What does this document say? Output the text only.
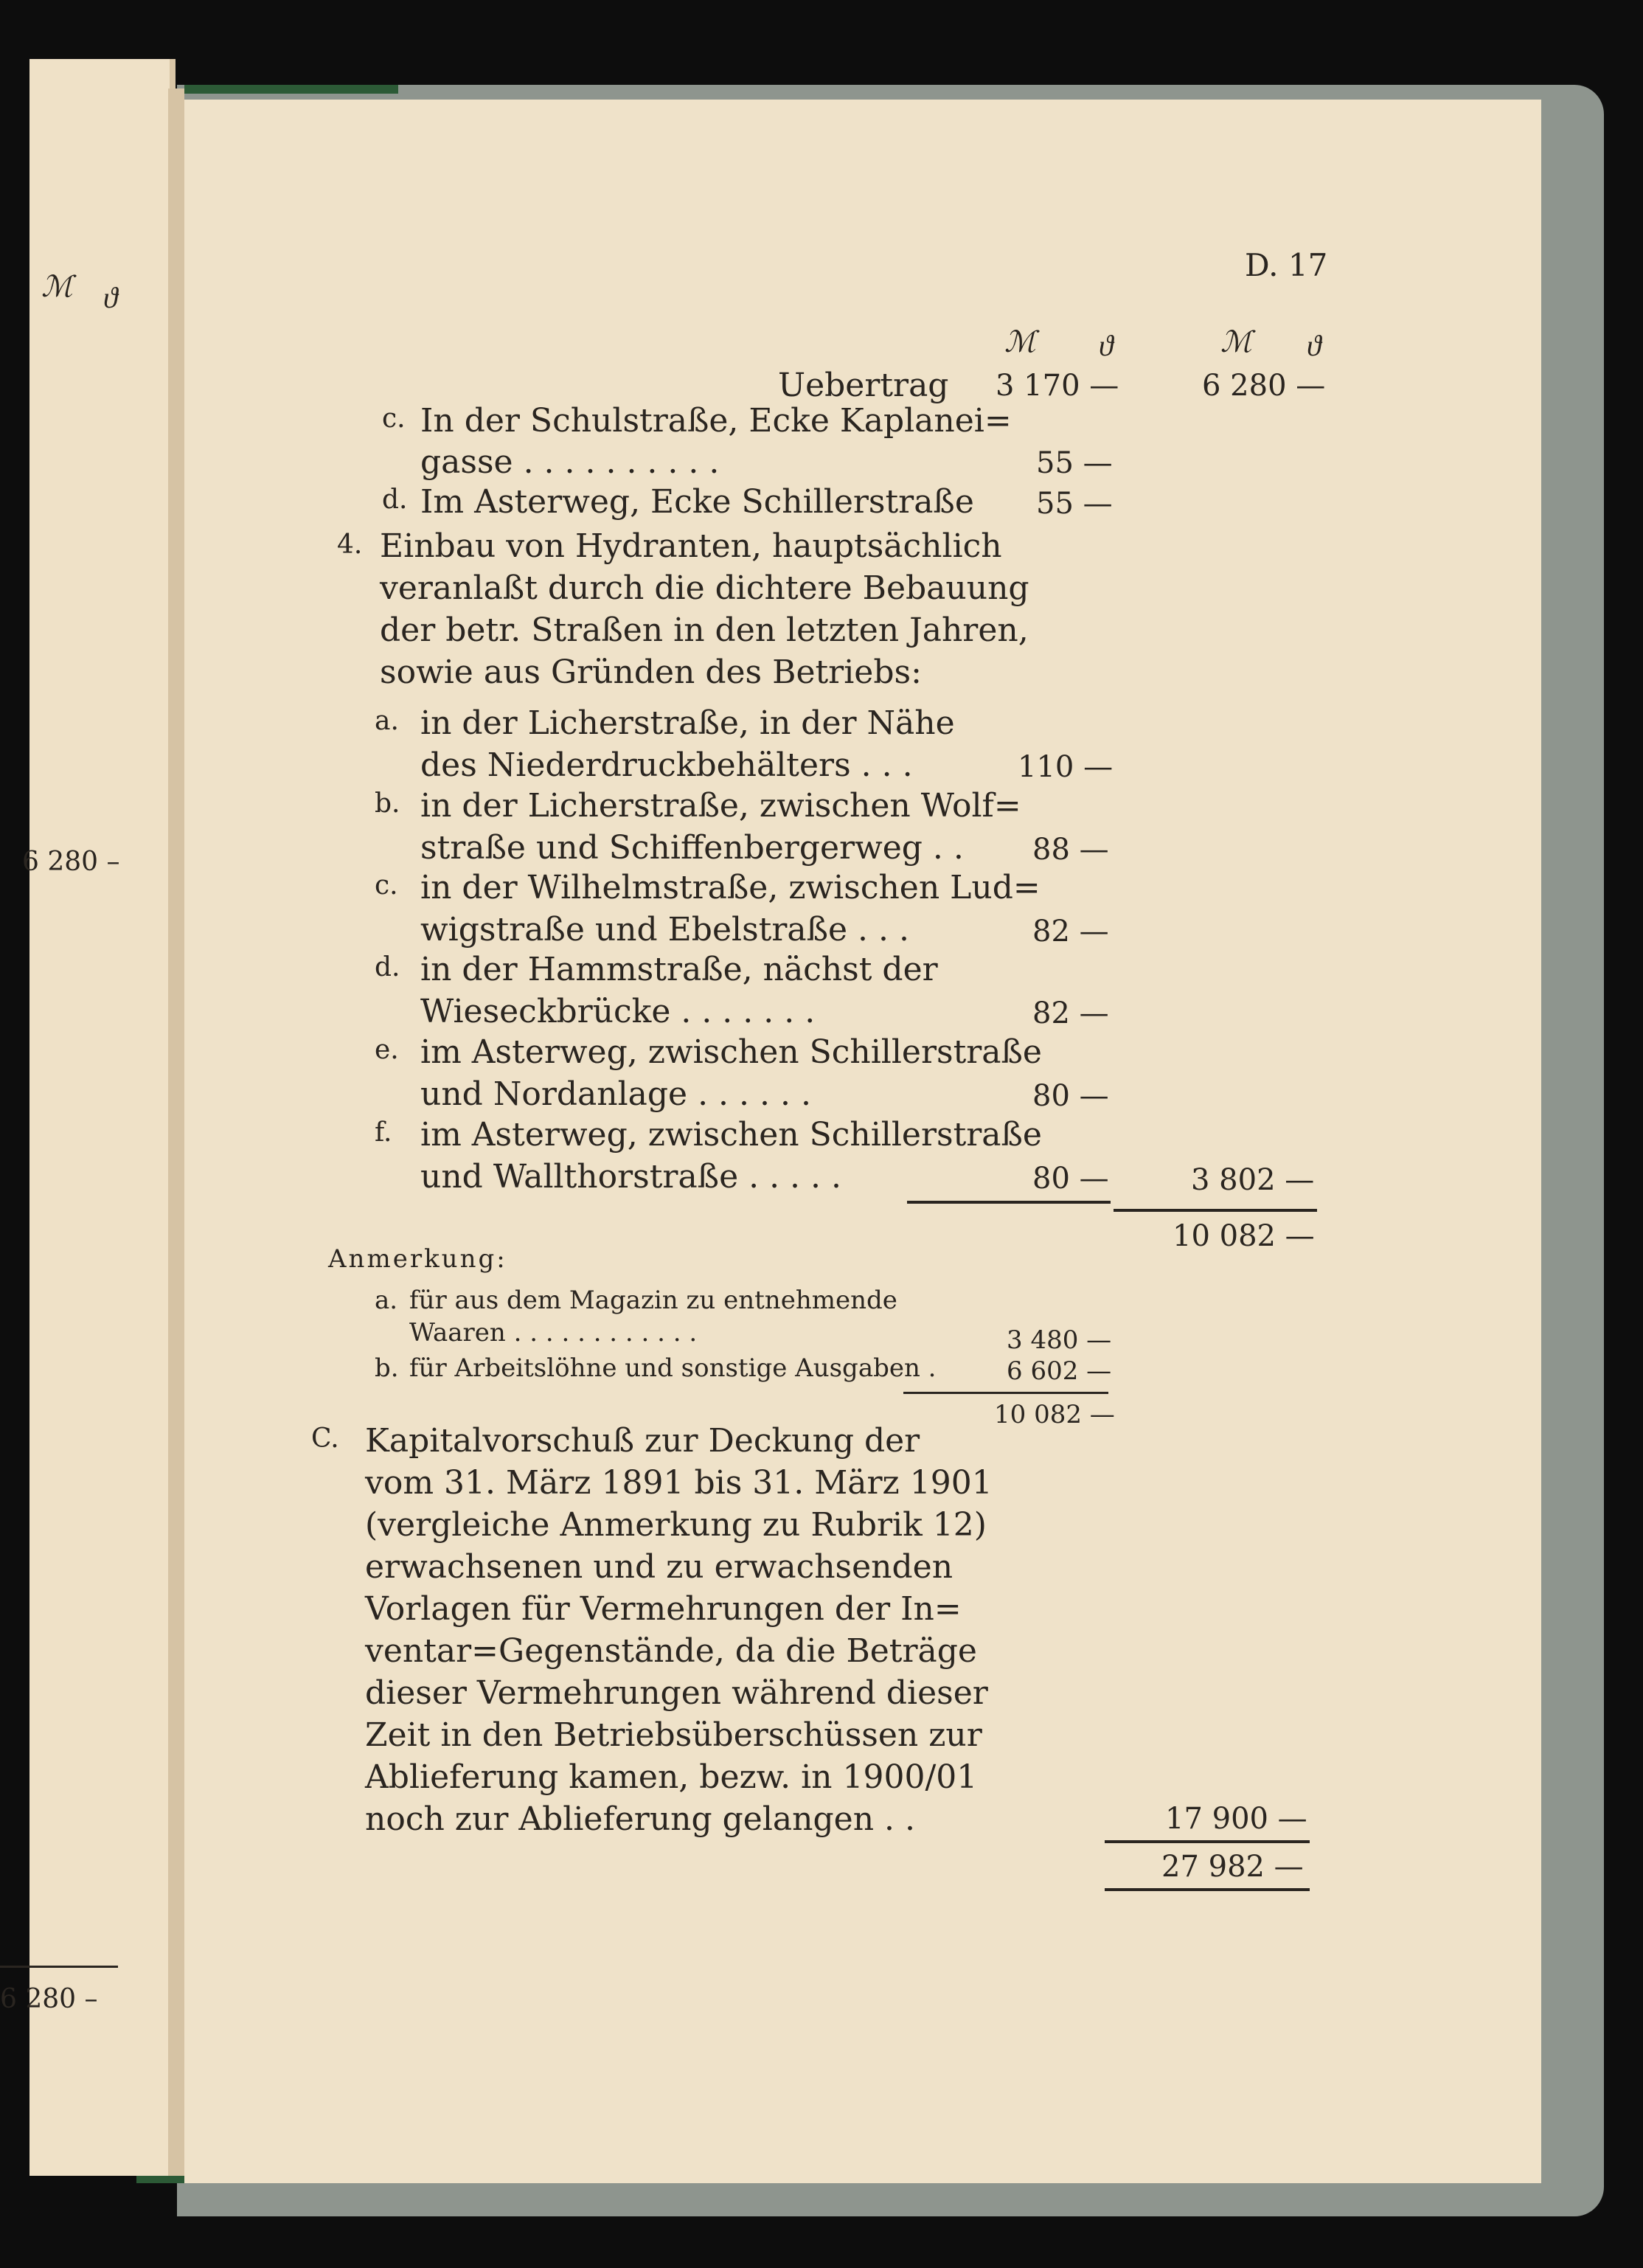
ℳ ϑ
6 280 –
6 280 –
D. 17
ℳ ϑ	ℳ ϑ
Uebertrag 3 170 —	6 280 —
c. In der Schulstraße, Ecke Kaplanei=
gasse . . . . . . . . . .	55 —
d. Im Asterweg, Ecke Schillerstraße 55 —
4. Einbau von Hydranten, hauptsächlich
veranlaßt durch die dichtere Bebauung
der betr. Straßen in den letzten Jahren,
sowie aus Gründen des Betriebs:
a. in der Licherstraße, in der Nähe
des Niederdruckbehälters . . .	110 —
b. in der Licherstraße, zwischen Wolf=
straße und Schiffenbergerweg . . 88 —
c. in der Wilhelmstraße, zwischen Lud=
wigstraße und Ebelstraße . . .	82 —
d. in der Hammstraße, nächst der
Wieseckbrücke . . . . . . .	82 —
e. im Asterweg, zwischen Schillerstraße
und Nordanlage . . . . . .	80 —
f. im Asterweg, zwischen Schillerstraße
und Wallthorstraße . . . . .	80 —	3 802 —
10 082 —
Anmerkung:
a. für aus dem Magazin zu entnehmende
Waaren . . . . . . . . . . . .	3 480 —
b. für Arbeitslöhne und sonstige Ausgaben .	6 602 —
10 082 —
C. Kapitalvorschuß zur Deckung der
vom 31. März 1891 bis 31. März 1901
(vergleiche Anmerkung zu Rubrik 12)
erwachsenen und zu erwachsenden
Vorlagen für Vermehrungen der In=
ventar=Gegenstände, da die Beträge
dieser Vermehrungen während dieser
Zeit in den Betriebsüberschüssen zur
Ablieferung kamen, bezw. in 1900/01
noch zur Ablieferung gelangen . .	17 900 —
27 982 —
